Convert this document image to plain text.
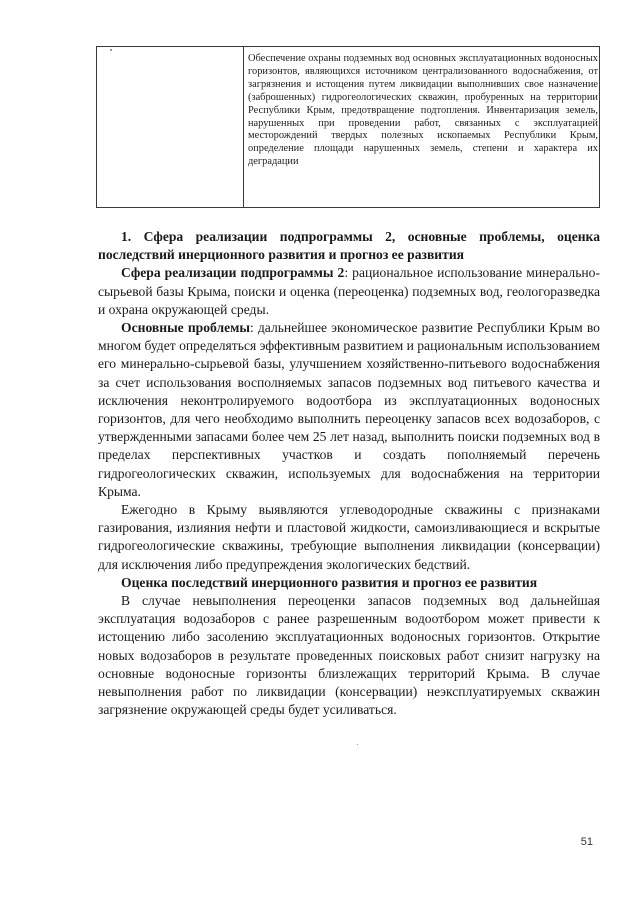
Обеспечение охраны подземных вод основных эксплуатационных водоносных горизонтов, являющихся источником централизованного водоснабжения, от загрязнения и истощения путем ликвидации выполнивших свое назначение (заброшенных) гидрогеологических скважин, пробуренных на территории Республики Крым, предотвращение подтопления. Инвентаризация земель, нарушенных при проведении работ, связанных с эксплуатацией месторождений твердых полезных ископаемых Республики Крым, определение площади нарушенных земель, степени и характера их деградации

1. Сфера реализации подпрограммы 2, основные проблемы, оценка последствий инерционного развития и прогноз ее развития

Сфера реализации подпрограммы 2: рациональное использование минерально-сырьевой базы Крыма, поиски и оценка (переоценка) подземных вод, геологоразведка и охрана окружающей среды.

Основные проблемы: дальнейшее экономическое развитие Республики Крым во многом будет определяться эффективным развитием и рациональным использованием его минерально-сырьевой базы, улучшением хозяйственно-питьевого водоснабжения за счет использования восполняемых запасов подземных вод питьевого качества и исключения неконтролируемого водоотбора из эксплуатационных водоносных горизонтов, для чего необходимо выполнить переоценку запасов всех водозаборов, с утвержденными запасами более чем 25 лет назад, выполнить поиски подземных вод в пределах перспективных участков и создать пополняемый перечень гидрогеологических скважин, используемых для водоснабжения на территории Крыма.

Ежегодно в Крыму выявляются углеводородные скважины с признаками газирования, излияния нефти и пластовой жидкости, самоизливающиеся и вскрытые гидрогеологические скважины, требующие выполнения ликвидации (консервации) для исключения либо предупреждения экологических бедствий.

Оценка последствий инерционного развития и прогноз ее развития

В случае невыполнения переоценки запасов подземных вод дальнейшая эксплуатация водозаборов с ранее разрешенным водоотбором может привести к истощению либо засолению эксплуатационных водоносных горизонтов. Открытие новых водозаборов в результате проведенных поисковых работ снизит нагрузку на основные водоносные горизонты близлежащих территорий Крыма. В случае невыполнения работ по ликвидации (консервации) неэксплуатируемых скважин загрязнение окружающей среды будет усиливаться.

51
